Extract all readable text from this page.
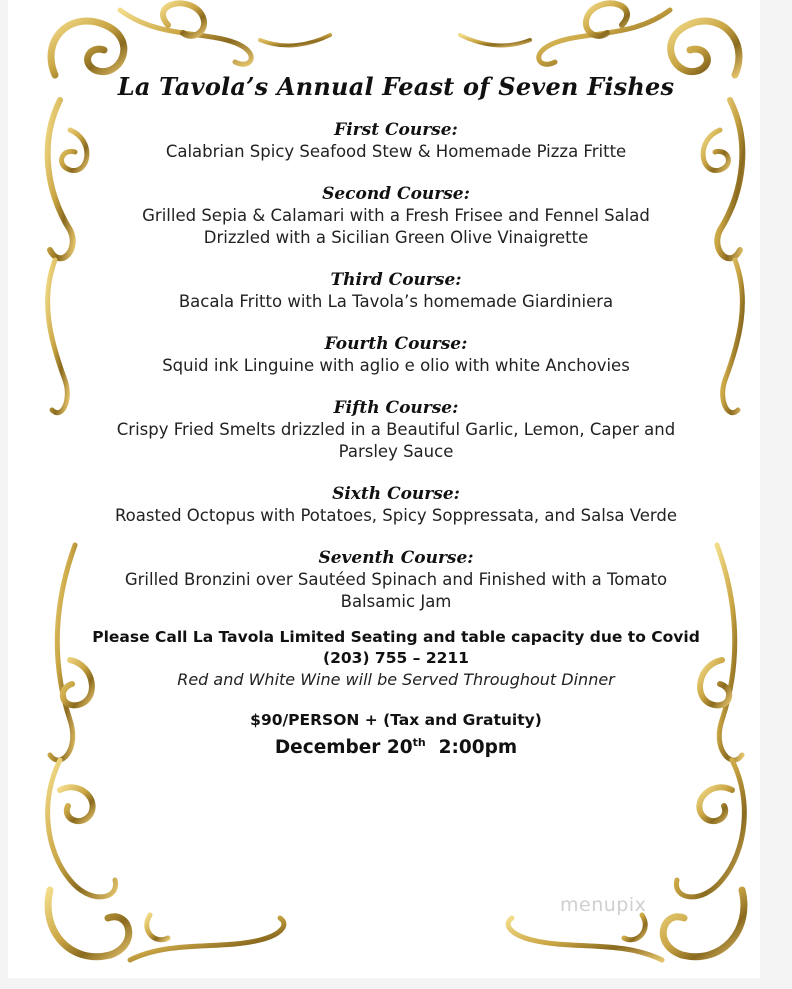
La Tavola’s Annual Feast of Seven Fishes
First Course:
Calabrian Spicy Seafood Stew & Homemade Pizza Fritte
Second Course:
Grilled Sepia & Calamari with a Fresh Frisee and Fennel Salad Drizzled with a Sicilian Green Olive Vinaigrette
Third Course:
Bacala Fritto with La Tavola’s homemade Giardiniera
Fourth Course:
Squid ink Linguine with aglio e olio with white Anchovies
Fifth Course:
Crispy Fried Smelts drizzled in a Beautiful Garlic, Lemon, Caper and Parsley Sauce
Sixth Course:
Roasted Octopus with Potatoes, Spicy Soppressata, and Salsa Verde
Seventh Course:
Grilled Bronzini over Sautéed Spinach and Finished with a Tomato Balsamic Jam
Please Call La Tavola Limited Seating and table capacity due to Covid (203) 755 – 2211
Red and White Wine will be Served Throughout Dinner
$90/PERSON + (Tax and Gratuity)
December 20th 2:00pm
menupix
